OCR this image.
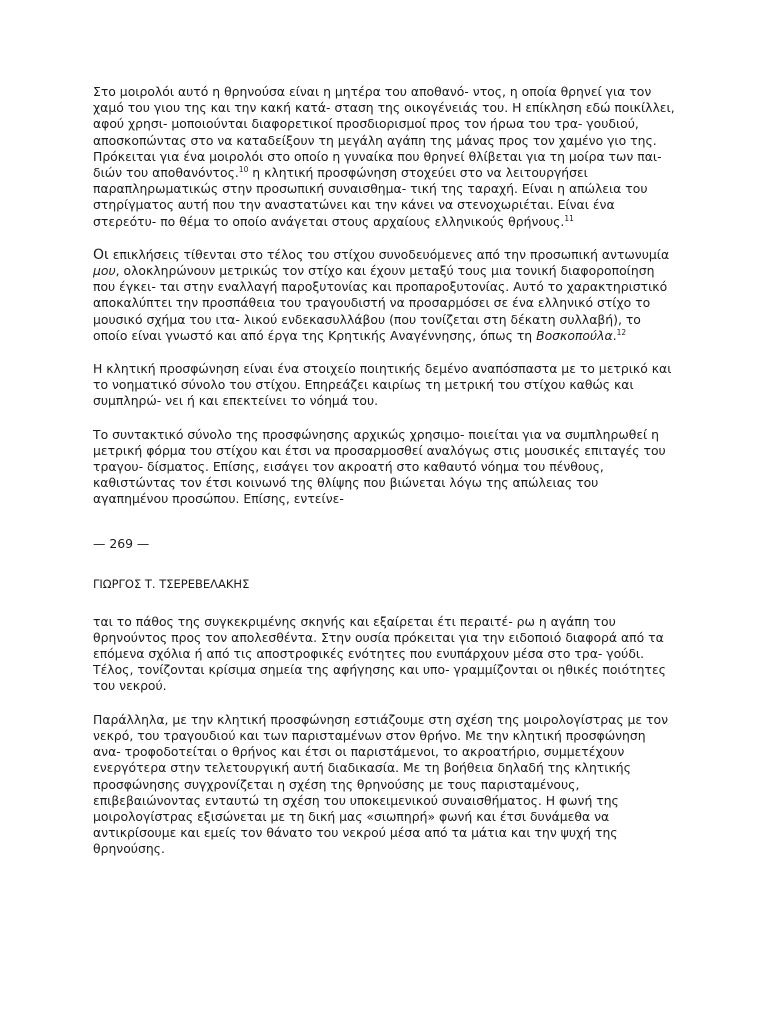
Στο μοιρολόι αυτό η θρηνούσα είναι η μητέρα του αποθανό- ντος, η οποία θρηνεί για τον χαμό του γιου της και την κακή κατά- σταση της οικογένειάς του. Η επίκληση εδώ ποικίλλει, αφού χρησι- μοποιούνται διαφορετικοί προσδιορισμοί προς τον ήρωα του τρα- γουδιού, αποσκοπώντας στο να καταδείξουν τη μεγάλη αγάπη της μάνας προς τον χαμένο γιο της. Πρόκειται για ένα μοιρολόι στο οποίο η γυναίκα που θρηνεί θλίβεται για τη μοίρα των παι- διών του αποθανόντος.$^{10}$ η κλητική προσφώνηση στοχεύει στο να λειτουργήσει παραπληρωματικώς στην προσωπική συναισθημα- τική της ταραχή. Είναι η απώλεια του στηρίγματος αυτή που την αναστατώνει και την κάνει να στενοχωριέται. Είναι ένα στερεότυ- πο θέμα το οποίο ανάγεται στους αρχαίους ελληνικούς θρήνους.$^{11}$

Οι επικλήσεις τίθενται στο τέλος του στίχου συνοδευόμενες από την προσωπική αντωνυμία μου, ολοκληρώνουν μετρικώς τον στίχο και έχουν μεταξύ τους μια τονική διαφοροποίηση που έγκει- ται στην εναλλαγή παροξυτονίας και προπαροξυτονίας. Αυτό το χαρακτηριστικό αποκαλύπτει την προσπάθεια του τραγουδιστή να προσαρμόσει σε ένα ελληνικό στίχο το μουσικό σχήμα του ιτα- λικού ενδεκασυλλάβου (που τονίζεται στη δέκατη συλλαβή), το οποίο είναι γνωστό και από έργα της Κρητικής Αναγέννησης, όπως τη Βοσκοπούλα.$^{12}$

Η κλητική προσφώνηση είναι ένα στοιχείο ποιητικής δεμένο αναπόσπαστα με το μετρικό και το νοηματικό σύνολο του στίχου. Επηρεάζει καιρίως τη μετρική του στίχου καθώς και συμπληρώ- νει ή και επεκτείνει το νόημά του.

Το συντακτικό σύνολο της προσφώνησης αρχικώς χρησιμο- ποιείται για να συμπληρωθεί η μετρική φόρμα του στίχου και έτσι να προσαρμοσθεί αναλόγως στις μουσικές επιταγές του τραγου- δίσματος. Επίσης, εισάγει τον ακροατή στο καθαυτό νόημα του πένθους, καθιστώντας τον έτσι κοινωνό της θλίψης που βιώνεται λόγω της απώλειας του αγαπημένου προσώπου. Επίσης, εντείνε-

— 269 —
ΓΙΩΡΓΟΣ Τ. ΤΣΕΡΕΒΕΛΑΚΗΣ

ται το πάθος της συγκεκριμένης σκηνής και εξαίρεται έτι περαιτέ- ρω η αγάπη του θρηνούντος προς τον απολεσθέντα. Στην ουσία πρόκειται για την ειδοποιό διαφορά από τα επόμενα σχόλια ή από τις αποστροφικές ενότητες που ενυπάρχουν μέσα στο τρα- γούδι. Τέλος, τονίζονται κρίσιμα σημεία της αφήγησης και υπο- γραμμίζονται οι ηθικές ποιότητες του νεκρού.

Παράλληλα, με την κλητική προσφώνηση εστιάζουμε στη σχέση της μοιρολογίστρας με τον νεκρό, του τραγουδιού και των παρισταμένων στον θρήνο. Με την κλητική προσφώνηση ανα- τροφοδοτείται ο θρήνος και έτσι οι παριστάμενοι, το ακροατήριο, συμμετέχουν ενεργότερα στην τελετουργική αυτή διαδικασία. Με τη βοήθεια δηλαδή της κλητικής προσφώνησης συγχρονίζεται η σχέση της θρηνούσης με τους παρισταμένους, επιβεβαιώνοντας ενταυτώ τη σχέση του υποκειμενικού συναισθήματος. Η φωνή της μοιρολογίστρας εξισώνεται με τη δική μας «σιωπηρή» φωνή και έτσι δυνάμεθα να αντικρίσουμε και εμείς τον θάνατο του νεκρού μέσα από τα μάτια και την ψυχή της θρηνούσης.
